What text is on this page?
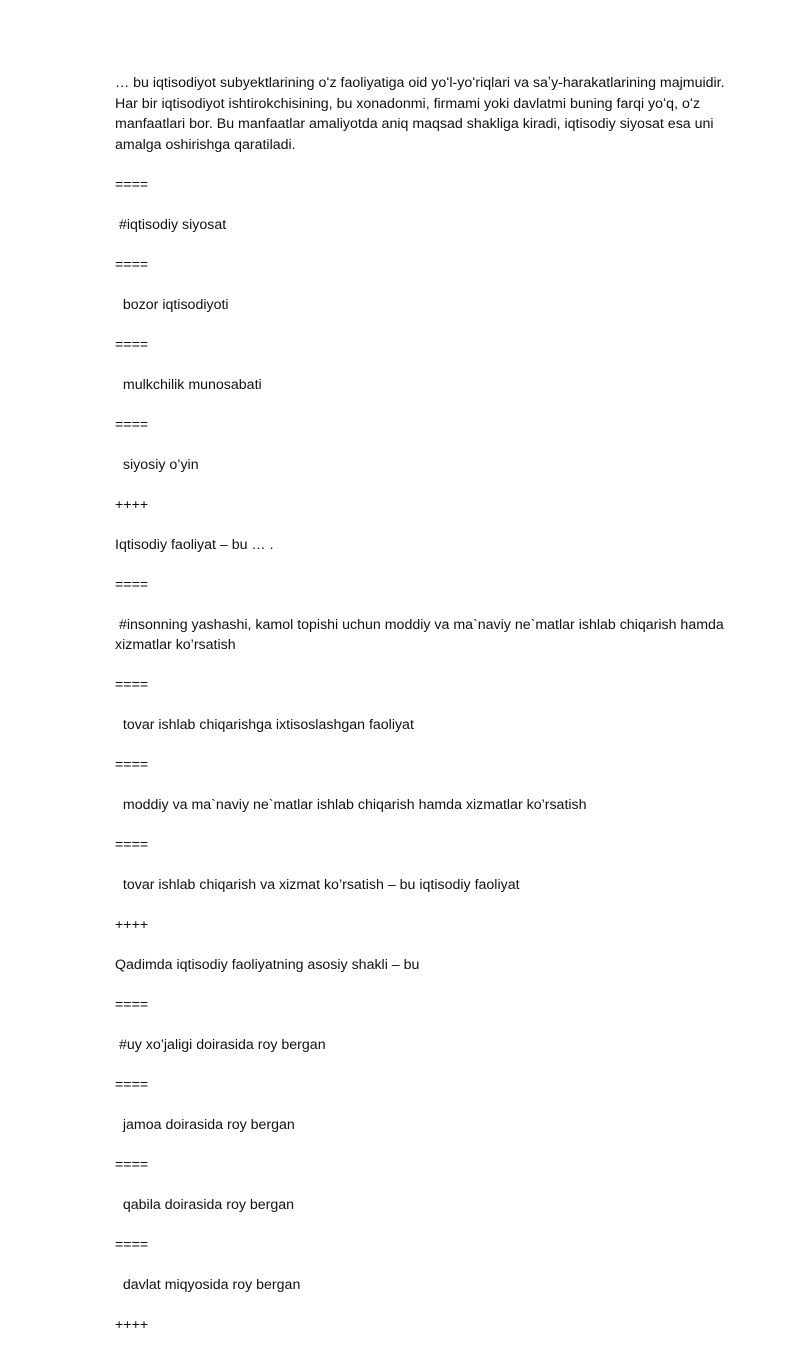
… bu iqtisodiyot subyektlarining oʻz faoliyatiga oid yoʻl-yoʻriqlari va saʼy-harakatlarining majmuidir. Har bir iqtisodiyot ishtirokchisining, bu xonadonmi, firmami yoki davlatmi buning farqi yoʻq, oʻz manfaatlari bor. Bu manfaatlar amaliyotda aniq maqsad shakliga kiradi, iqtisodiy siyosat esa uni amalga oshirishga qaratiladi.

====

#iqtisodiy siyosat

====

bozor iqtisodiyoti

====

mulkchilik munosabati

====

siyosiy o’yin

++++

Iqtisodiy faoliyat – bu … .

====

#insonning yashashi, kamol topishi uchun moddiy va ma`naviy ne`matlar ishlab chiqarish hamda xizmatlar ko’rsatish

====

tovar ishlab chiqarishga ixtisoslashgan faoliyat

====

moddiy va ma`naviy ne`matlar ishlab chiqarish hamda xizmatlar ko’rsatish

====

tovar ishlab chiqarish va xizmat ko’rsatish – bu iqtisodiy faoliyat

++++

Qadimda iqtisodiy faoliyatning asosiy shakli – bu

====

#uy xo’jaligi doirasida roy bergan

====

jamoa doirasida roy bergan

====

qabila doirasida roy bergan

====

davlat miqyosida roy bergan

++++
